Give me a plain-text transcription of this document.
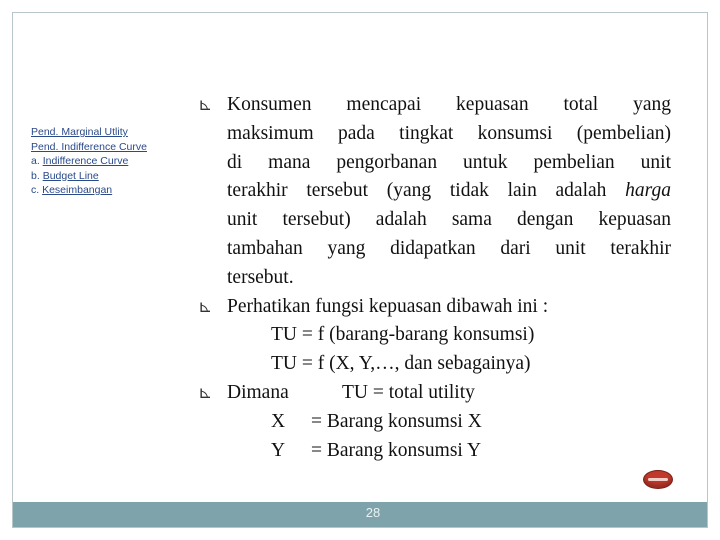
Pend. Marginal Utlity
Pend. Indifference Curve
a. Indifference Curve
b. Budget Line
c. Keseimbangan
⊾ Konsumen mencapai kepuasan total yang
maksimum pada tingkat konsumsi (pembelian)
di mana pengorbanan untuk pembelian unit
terakhir tersebut (yang tidak lain adalah harga
unit tersebut) adalah sama dengan kepuasan
tambahan yang didapatkan dari unit terakhir
tersebut.
⊾ Perhatikan fungsi kepuasan dibawah ini :
TU = f (barang-barang konsumsi)
TU = f (X, Y,…, dan sebagainya)
⊾ Dimana	TU = total utility
X = Barang konsumsi X
Y = Barang konsumsi Y
28
